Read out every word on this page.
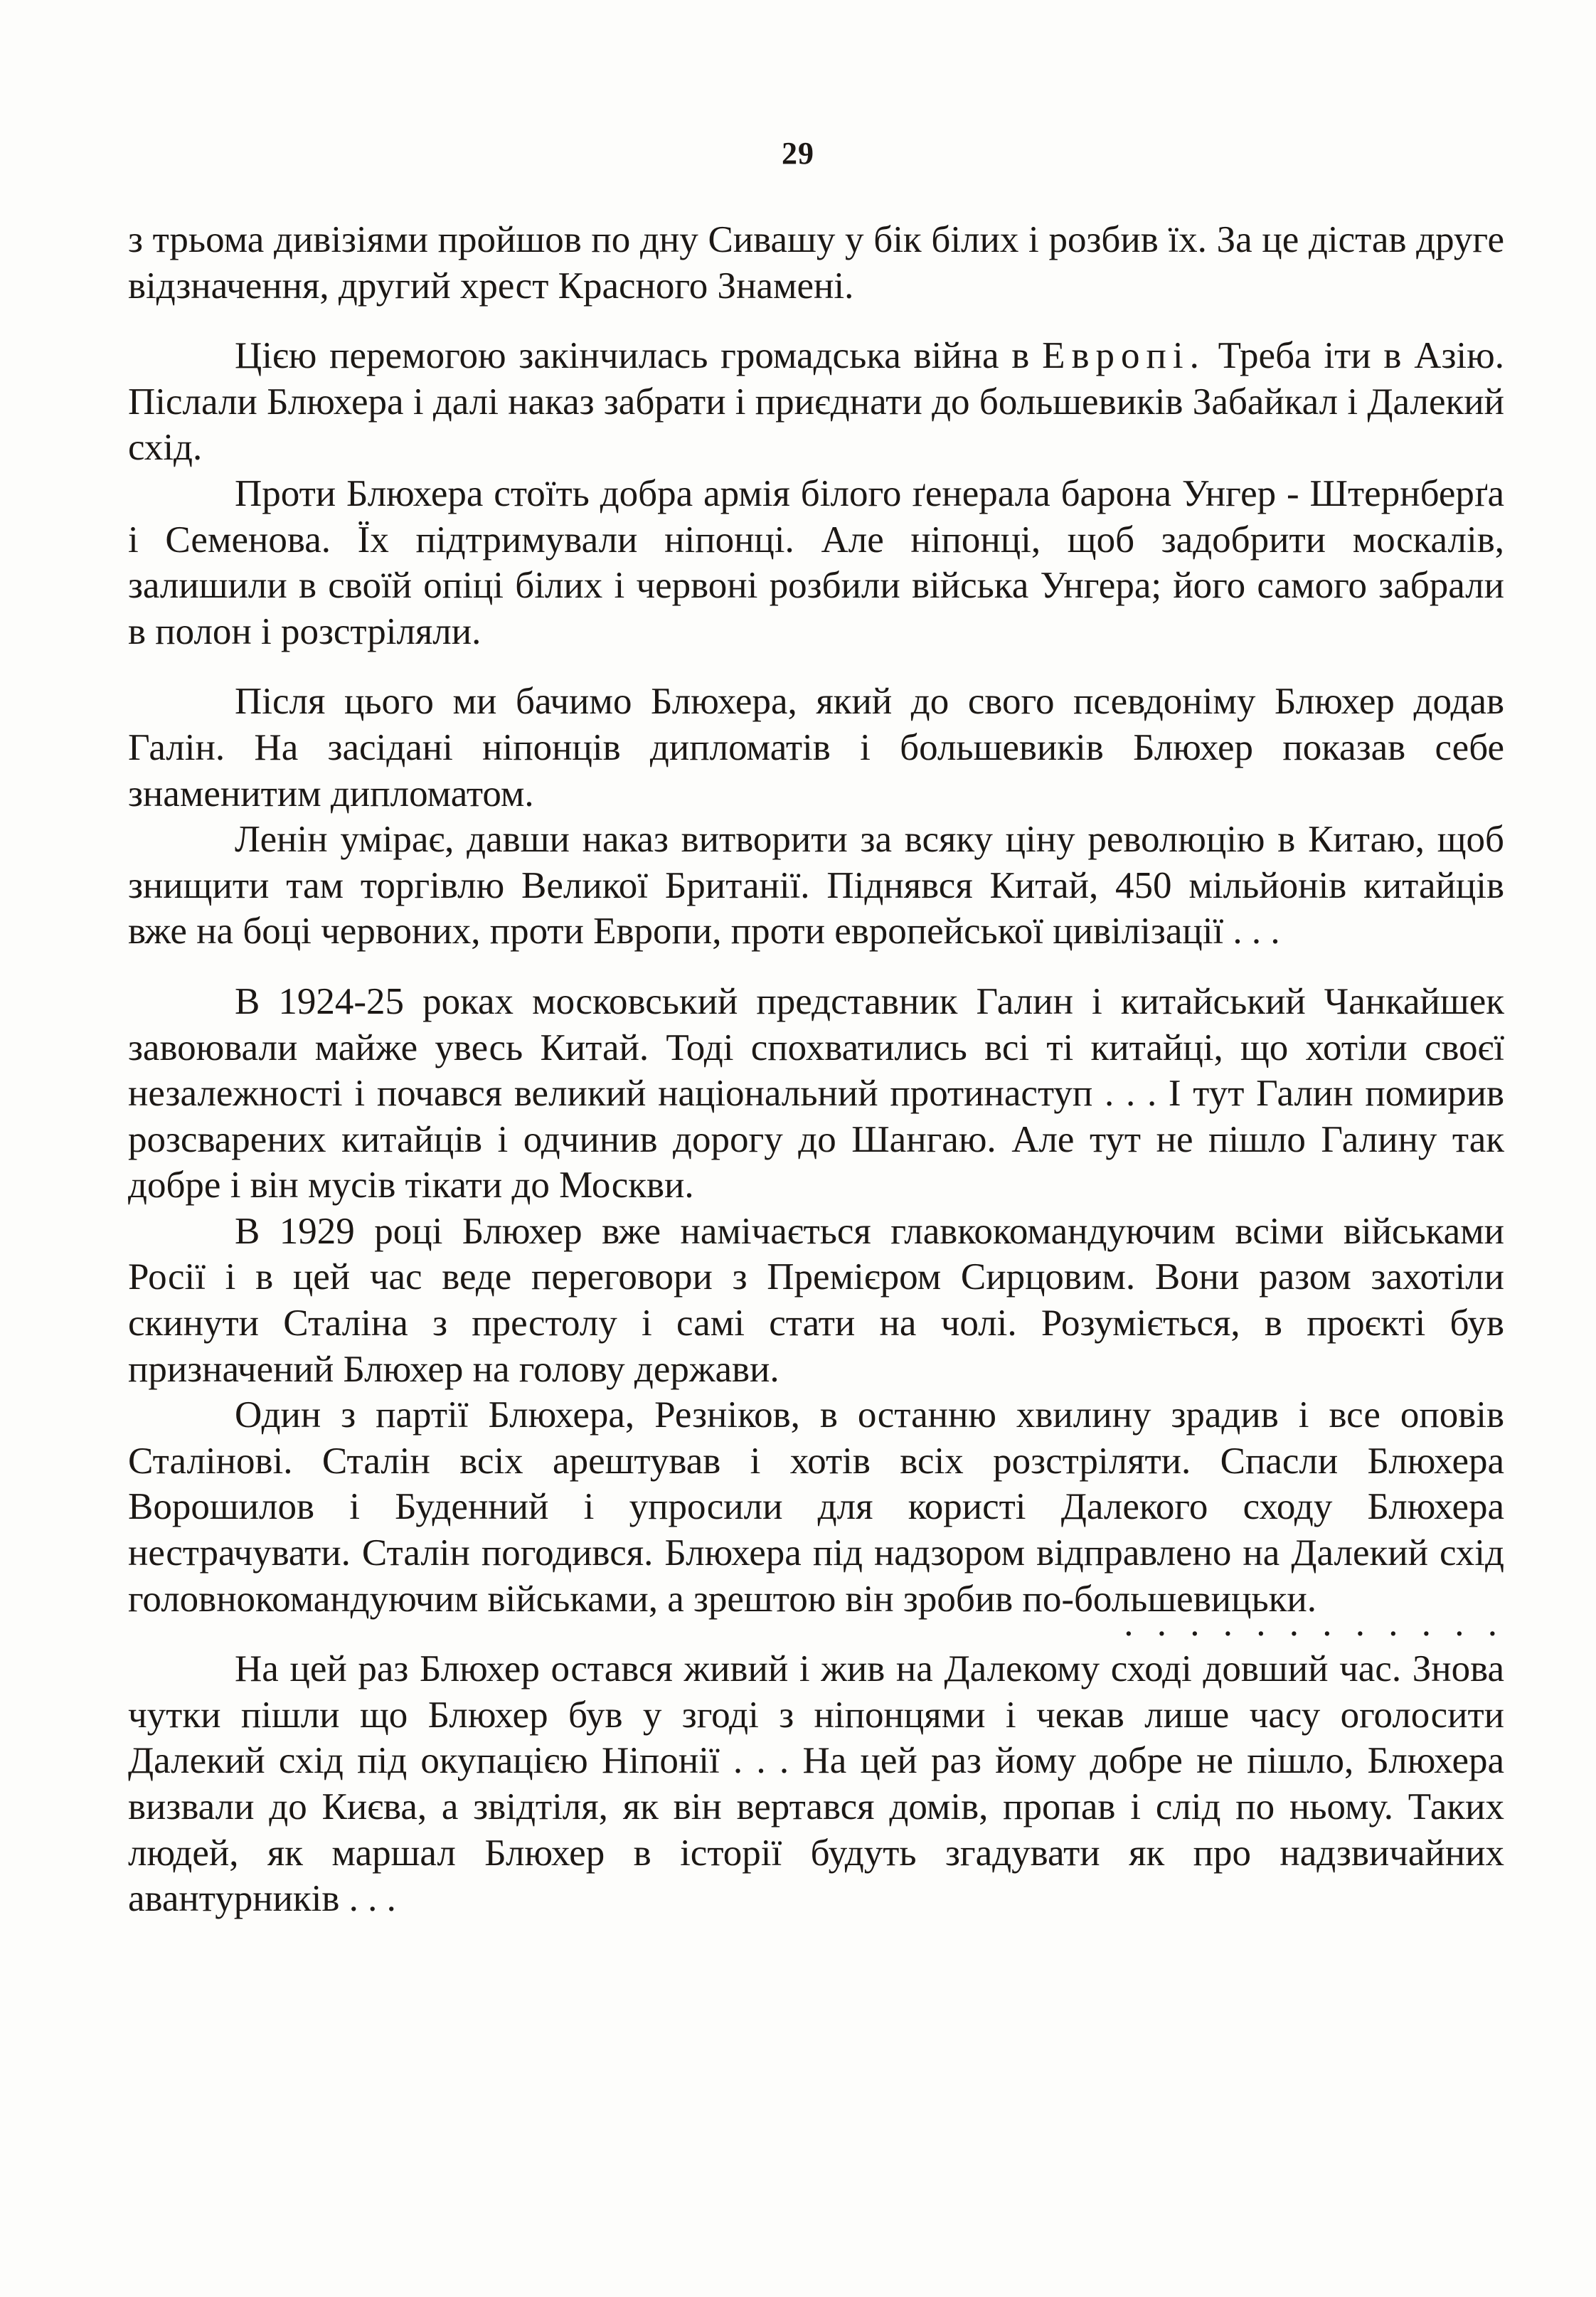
29

з трьома дивізіями пройшов по дну Сивашу у бік білих і розбив їх. За це дістав друге відзначення, другий хрест Красного Знамені.

Цією перемогою закінчилась громадська війна в Европі. Треба іти в Азію. Післали Блюхера і далі наказ забрати і приєднати до большевиків Забайкал і Далекий схід.

Проти Блюхера стоїть добра армія білого ґенерала барона Унгер - Штернберґа і Семенова. Їх підтримували ніпонці. Але ніпонці, щоб задобрити москалів, залишили в своїй опіці білих і червоні розбили війська Унгера; його самого забрали в полон і розстріляли.

Після цього ми бачимо Блюхера, який до свого псевдоніму Блюхер додав Галін. На засідані ніпонців дипломатів і большевиків Блюхер показав себе знаменитим дипломатом.

Ленін умірає, давши наказ витворити за всяку ціну революцію в Китаю, щоб знищити там торгівлю Великої Британії. Піднявся Китай, 450 мільйонів китайців вже на боці червоних, проти Европи, проти европейської цивілізації . . .

В 1924-25 роках московський представник Галин і китайський Чанкайшек завоювали майже увесь Китай. Тоді спохватились всі ті китайці, що хотіли своєї незалежності і почався великий національний протинаступ . . . І тут Галин помирив розсварених китайців і одчинив дорогу до Шангаю. Але тут не пішло Галину так добре і він мусів тікати до Москви.

В 1929 році Блюхер вже намічається главкокомандуючим всіми військами Росії і в цей час веде переговори з Премієром Сирцовим. Вони разом захотіли скинути Сталіна з престолу і самі стати на чолі. Розуміється, в проєкті був призначений Блюхер на голову держави.

Один з партії Блюхера, Резніков, в останню хвилину зрадив і все оповів Сталінові. Сталін всіх арештував і хотів всіх розстріляти. Спасли Блюхера Ворошилов і Буденний і упросили для користі Далекого сходу Блюхера нестрачувати. Сталін погодився. Блюхера під надзором відправлено на Далекий схід головнокомандуючим військами, а зрештою він зробив по-большевицьки.

. . . . . . . . . . . .

На цей раз Блюхер остався живий і жив на Далекому сході довший час. Знова чутки пішли що Блюхер був у згоді з ніпонцями і чекав лише часу оголосити Далекий схід під окупацією Ніпонії . . . На цей раз йому добре не пішло, Блюхера визвали до Києва, а звідтіля, як він вертався домів, пропав і слід по ньому. Таких людей, як маршал Блюхер в історії будуть згадувати як про надзвичайних авантурників . . .
